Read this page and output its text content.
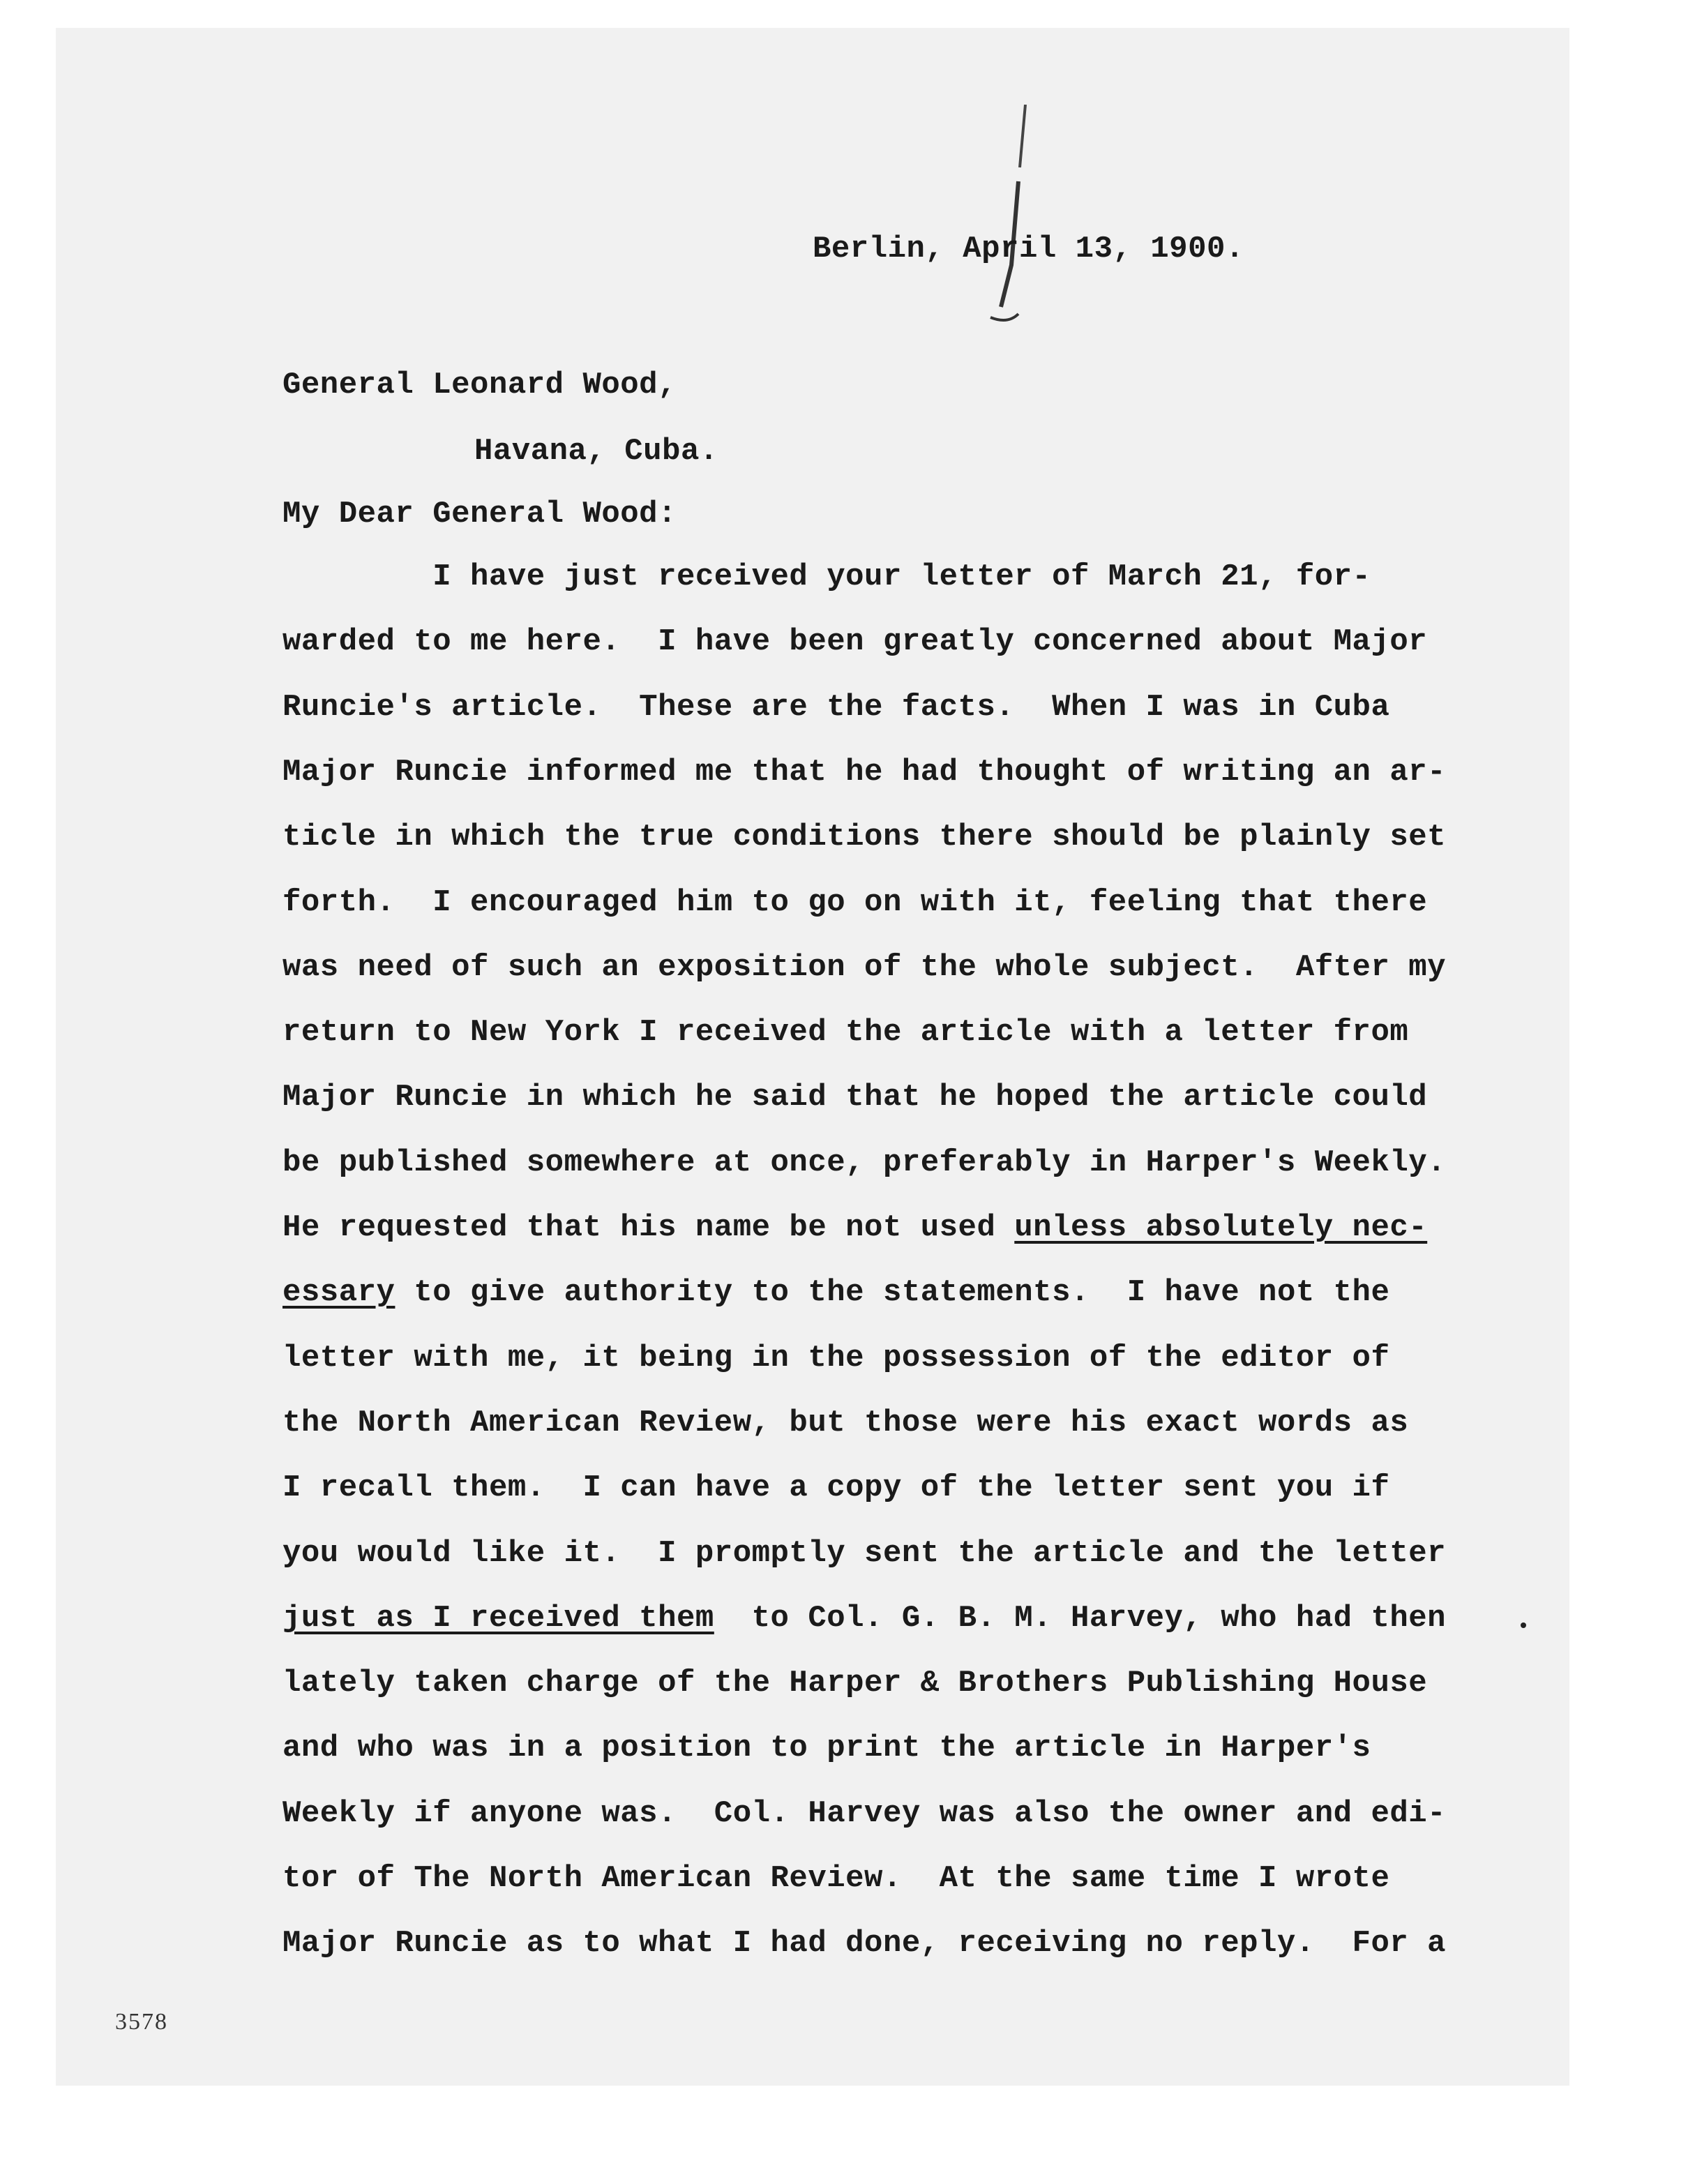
Berlin, April 13, 1900.
General Leonard Wood,
Havana, Cuba.
My Dear General Wood:
I have just received your letter of March 21, for-
warded to me here.  I have been greatly concerned about Major
Runcie's article.  These are the facts.  When I was in Cuba
Major Runcie informed me that he had thought of writing an ar-
ticle in which the true conditions there should be plainly set
forth.  I encouraged him to go on with it, feeling that there
was need of such an exposition of the whole subject.  After my
return to New York I received the article with a letter from
Major Runcie in which he said that he hoped the article could
be published somewhere at once, preferably in Harper's Weekly.
He requested that his name be not used unless absolutely nec-
essary to give authority to the statements.  I have not the
letter with me, it being in the possession of the editor of
the North American Review, but those were his exact words as
I recall them.  I can have a copy of the letter sent you if
you would like it.  I promptly sent the article and the letter
just as I received them  to Col. G. B. M. Harvey, who had then
lately taken charge of the Harper & Brothers Publishing House
and who was in a position to print the article in Harper's
Weekly if anyone was.  Col. Harvey was also the owner and edi-
tor of The North American Review.  At the same time I wrote
Major Runcie as to what I had done, receiving no reply.  For a
3578
